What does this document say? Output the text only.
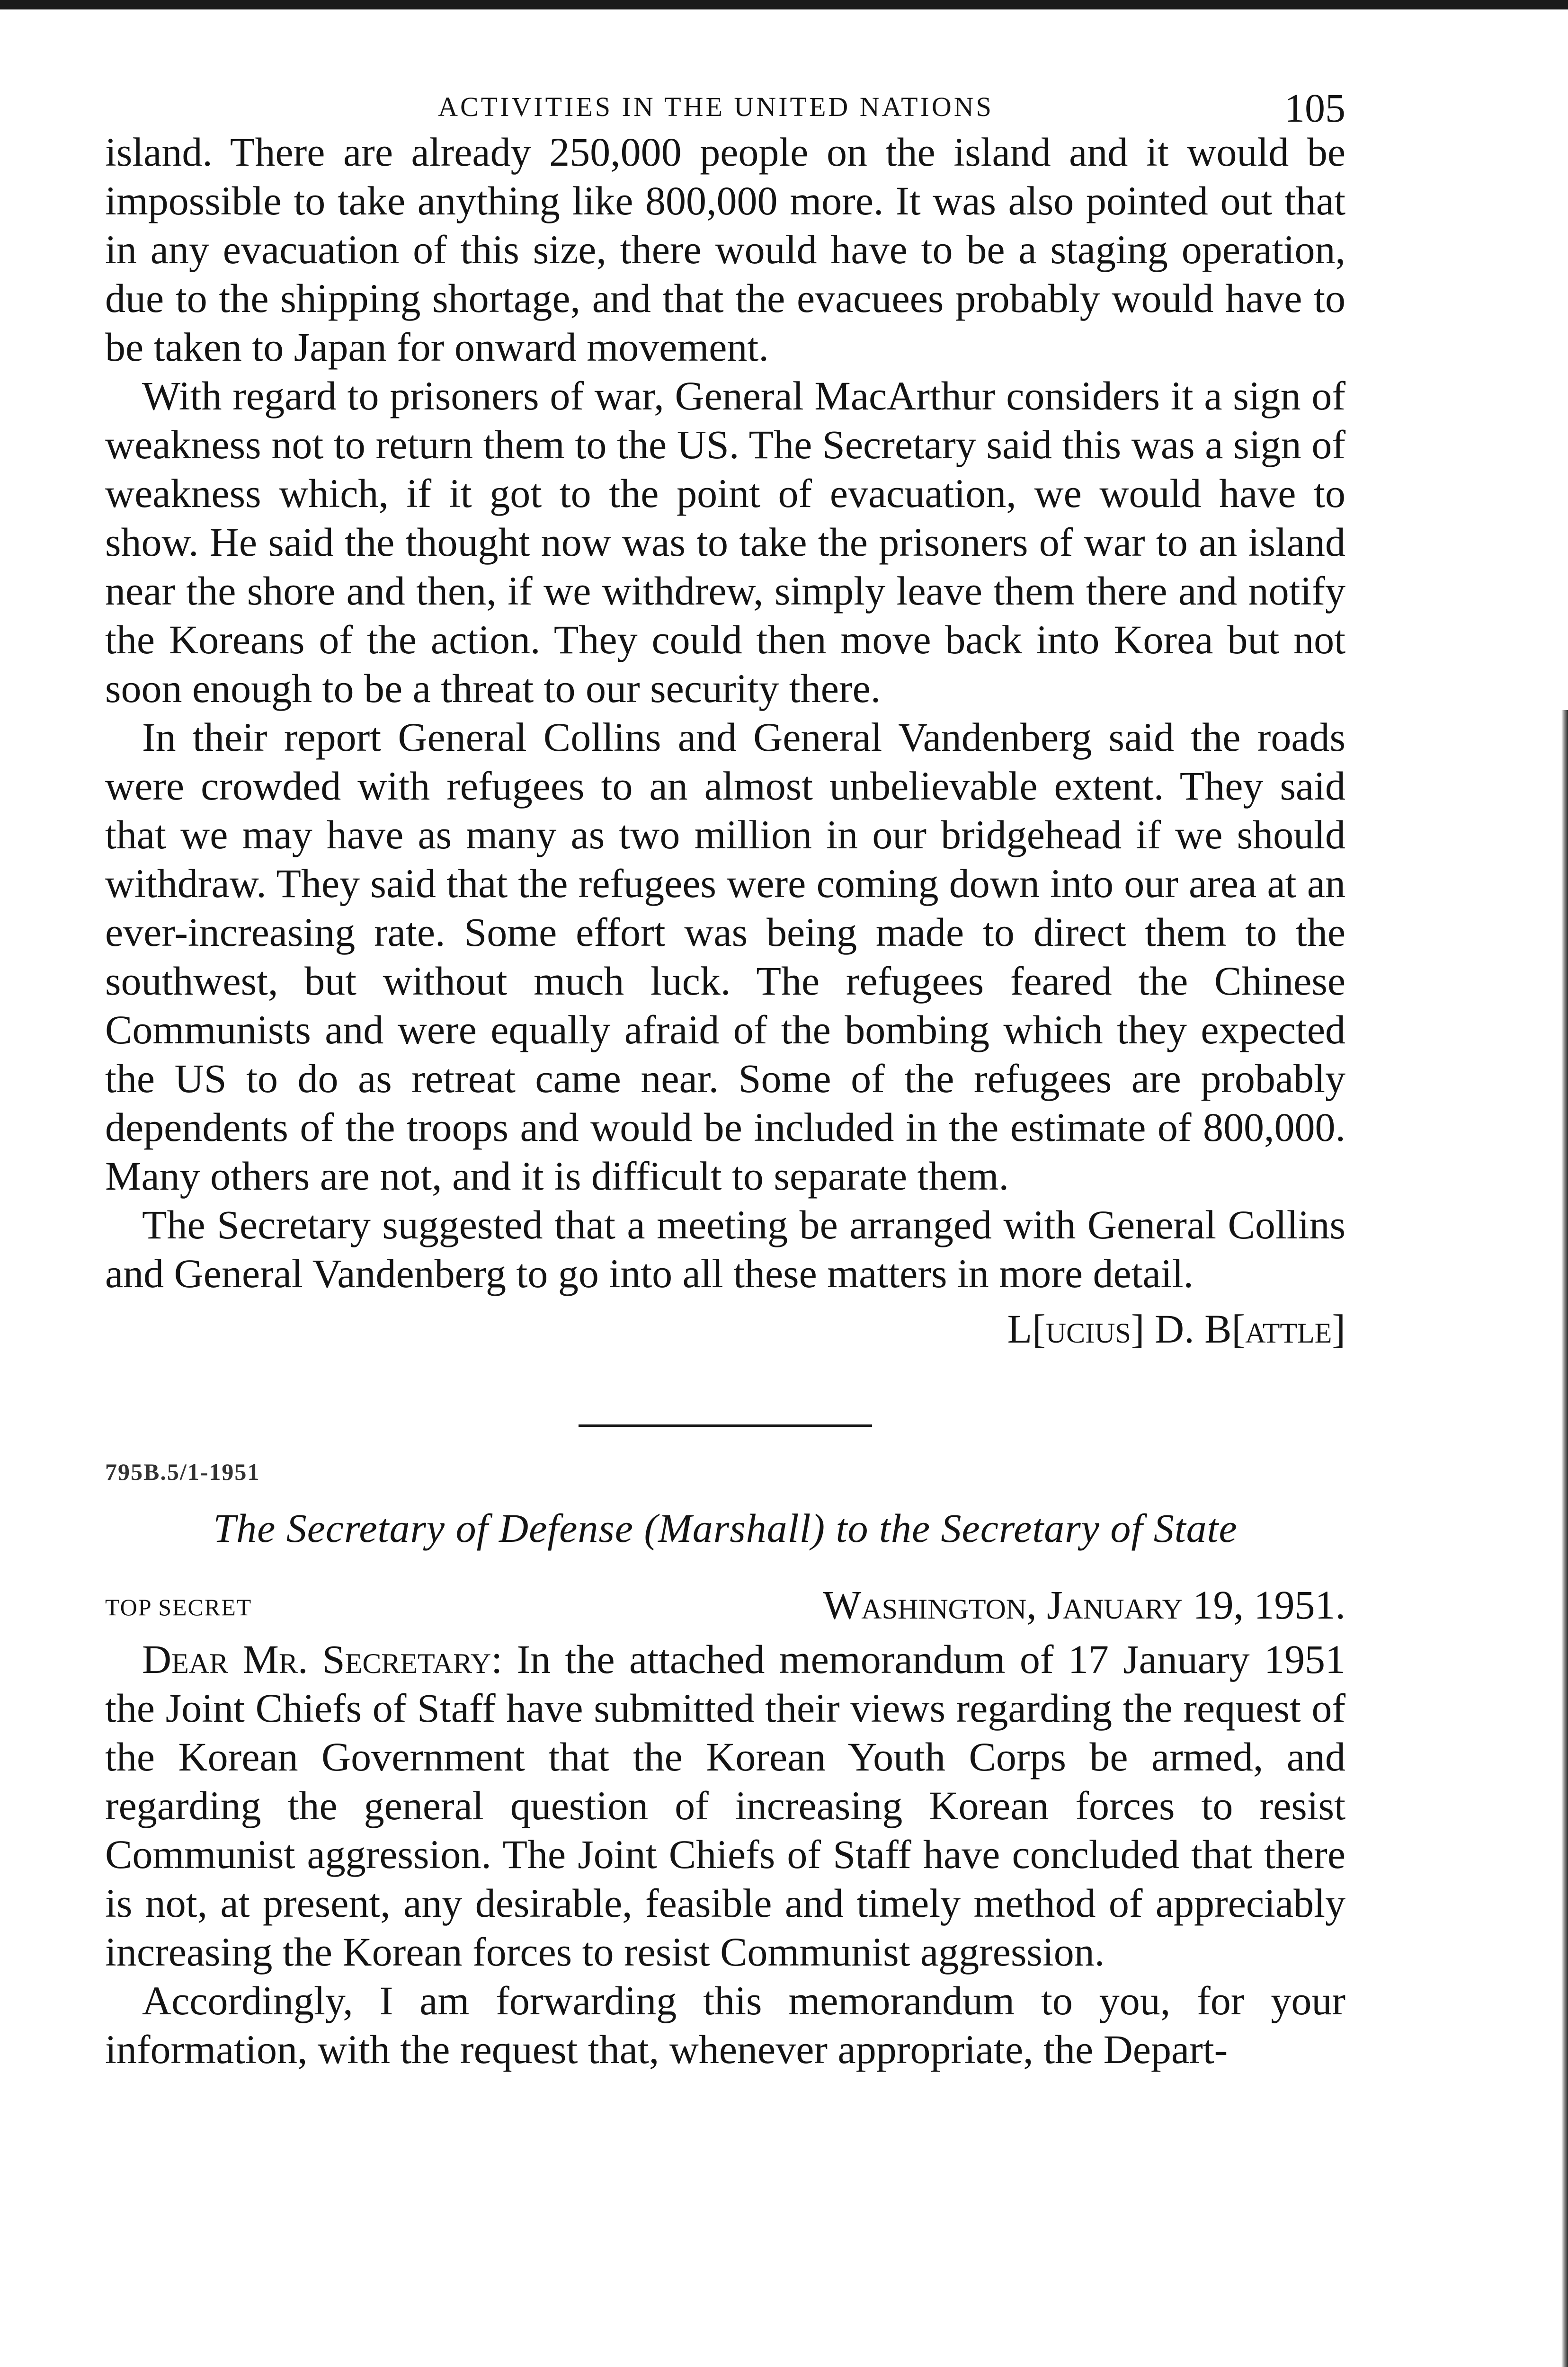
ACTIVITIES IN THE UNITED NATIONS	105

island. There are already 250,000 people on the island and it would be impossible to take anything like 800,000 more. It was also pointed out that in any evacuation of this size, there would have to be a staging operation, due to the shipping shortage, and that the evacuees probably would have to be taken to Japan for onward movement.

With regard to prisoners of war, General MacArthur considers it a sign of weakness not to return them to the US. The Secretary said this was a sign of weakness which, if it got to the point of evacuation, we would have to show. He said the thought now was to take the prisoners of war to an island near the shore and then, if we withdrew, simply leave them there and notify the Koreans of the action. They could then move back into Korea but not soon enough to be a threat to our security there.

In their report General Collins and General Vandenberg said the roads were crowded with refugees to an almost unbelievable extent. They said that we may have as many as two million in our bridgehead if we should withdraw. They said that the refugees were coming down into our area at an ever-increasing rate. Some effort was being made to direct them to the southwest, but without much luck. The refugees feared the Chinese Communists and were equally afraid of the bombing which they expected the US to do as retreat came near. Some of the refugees are probably dependents of the troops and would be included in the estimate of 800,000. Many others are not, and it is difficult to separate them.

The Secretary suggested that a meeting be arranged with General Collins and General Vandenberg to go into all these matters in more detail.

L[ucius] D. B[attle]
795B.5/1-1951
The Secretary of Defense (Marshall) to the Secretary of State
TOP SECRET	Washington, January 19, 1951.

Dear Mr. Secretary: In the attached memorandum of 17 January 1951 the Joint Chiefs of Staff have submitted their views regarding the request of the Korean Government that the Korean Youth Corps be armed, and regarding the general question of increasing Korean forces to resist Communist aggression. The Joint Chiefs of Staff have concluded that there is not, at present, any desirable, feasible and timely method of appreciably increasing the Korean forces to resist Communist aggression.

Accordingly, I am forwarding this memorandum to you, for your information, with the request that, whenever appropriate, the Depart-
